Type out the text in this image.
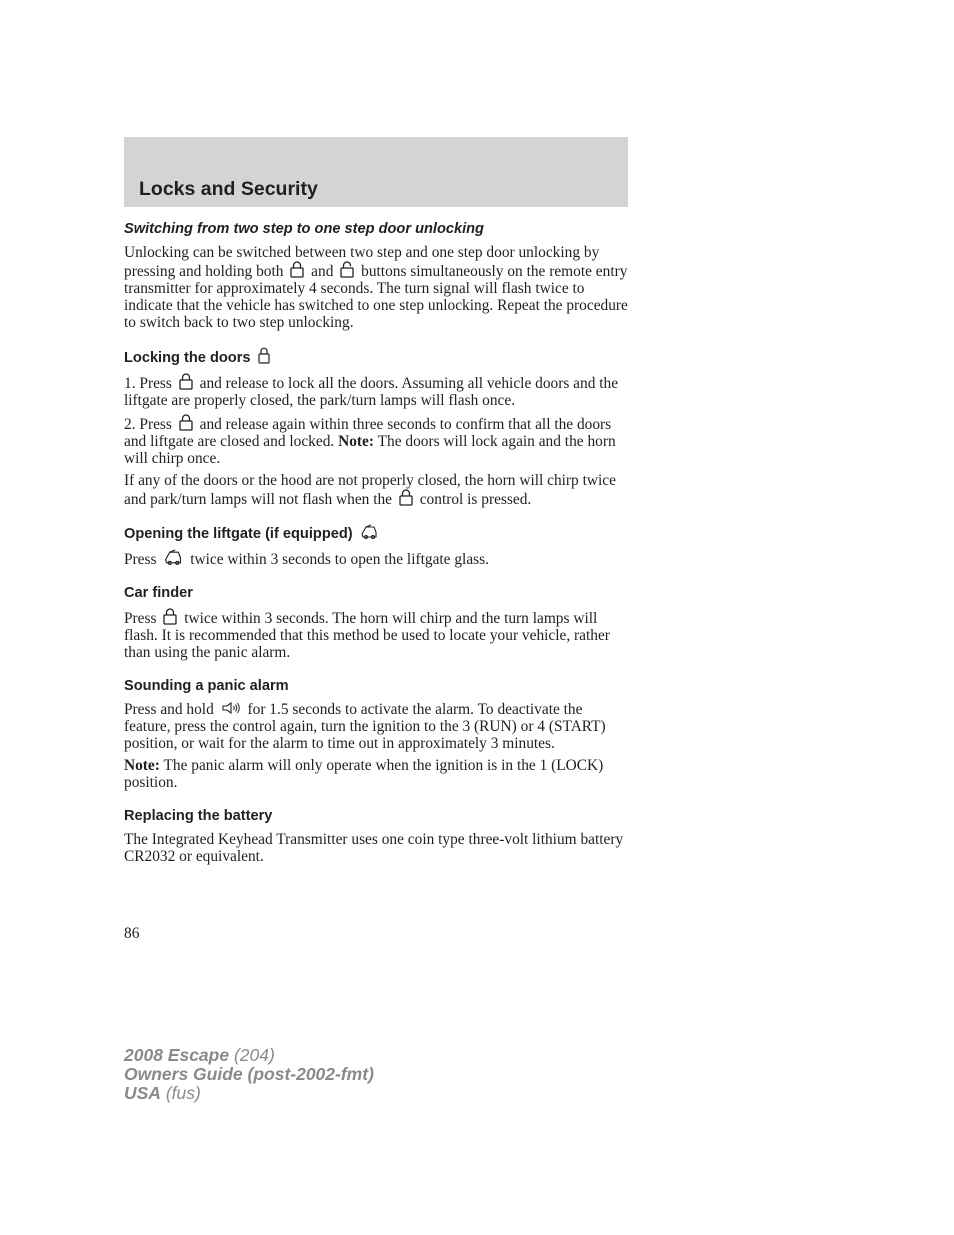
Locks and Security
Switching from two step to one step door unlocking

Unlocking can be switched between two step and one step door unlocking by pressing and holding both and buttons simultaneously on the remote entry transmitter for approximately 4 seconds. The turn signal will flash twice to indicate that the vehicle has switched to one step unlocking. Repeat the procedure to switch back to two step unlocking.

Locking the doors

1. Press and release to lock all the doors. Assuming all vehicle doors and the liftgate are properly closed, the park/turn lamps will flash once.

2. Press and release again within three seconds to confirm that all the doors and liftgate are closed and locked. Note: The doors will lock again and the horn will chirp once.

If any of the doors or the hood are not properly closed, the horn will chirp twice and park/turn lamps will not flash when the control is pressed.

Opening the liftgate (if equipped)

Press twice within 3 seconds to open the liftgate glass.

Car finder

Press twice within 3 seconds. The horn will chirp and the turn lamps will flash. It is recommended that this method be used to locate your vehicle, rather than using the panic alarm.

Sounding a panic alarm

Press and hold for 1.5 seconds to activate the alarm. To deactivate the feature, press the control again, turn the ignition to the 3 (RUN) or 4 (START) position, or wait for the alarm to time out in approximately 3 minutes.

Note: The panic alarm will only operate when the ignition is in the 1 (LOCK) position.

Replacing the battery

The Integrated Keyhead Transmitter uses one coin type three-volt lithium battery CR2032 or equivalent.

86
2008 Escape (204)
Owners Guide (post-2002-fmt)
USA (fus)
